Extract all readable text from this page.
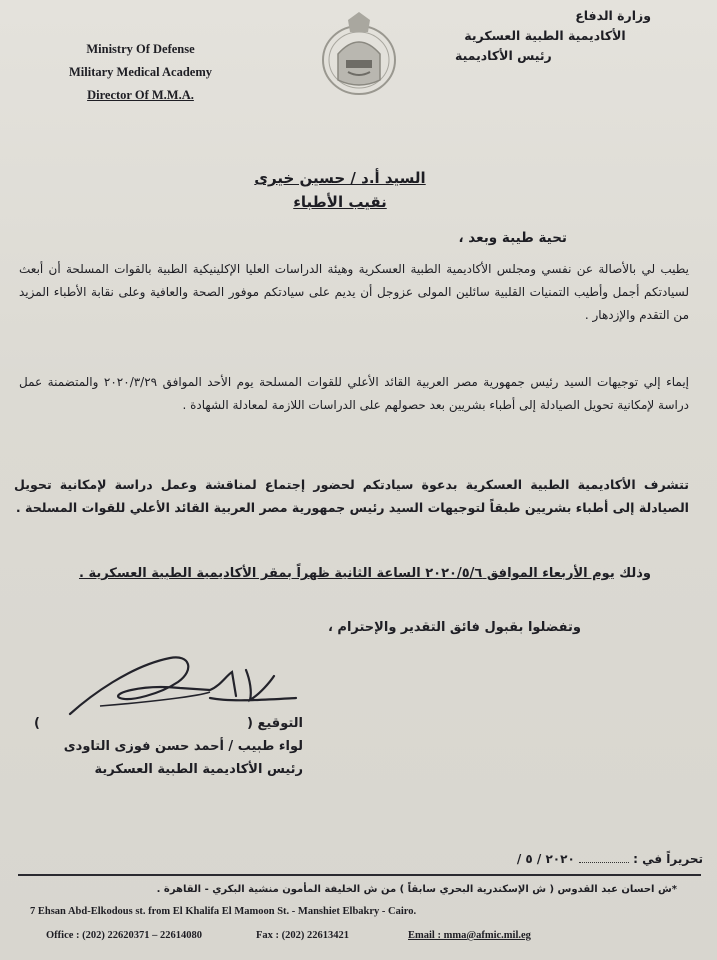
Ministry Of Defense
Military Medical Academy
Director Of M.M.A.
وزارة الدفاع
الأكاديمية الطبية العسكرية
رئيس الأكاديمية
السيد أ.د / حسين خيرى
نقيب الأطباء
تحية طيبة وبعد ،
يطيب لي بالأصالة عن نفسي ومجلس الأكاديمية الطبية العسكرية وهيئة الدراسات العليا الإكلينيكية الطبية بالقوات المسلحة أن أبعث لسيادتكم أجمل وأطيب التمنيات القلبية سائلين المولى عزوجل أن يديم على سيادتكم موفور الصحة والعافية وعلى نقابة الأطباء المزيد من التقدم والإزدهار .
إيماء إلي توجيهات السيد رئيس جمهورية مصر العربية القائد الأعلي للقوات المسلحة يوم الأحد الموافق ٢٠٢٠/٣/٢٩ والمتضمنة عمل دراسة لإمكانية تحويل الصيادلة إلى أطباء بشريين بعد حصولهم على الدراسات اللازمة لمعادلة الشهادة .
تتشرف الأكاديمية الطبية العسكرية بدعوة سيادتكم لحضور إجتماع لمناقشة وعمل دراسة لإمكانية تحويل الصيادلة إلى أطباء بشريين طبقاً لتوجيهات السيد رئيس جمهورية مصر العربية القائد الأعلي للقوات المسلحة .
وذلك يوم الأربعاء الموافق ٢٠٢٠/٥/٦ الساعة الثانية ظهراً بمقر الأكاديمية الطبية العسكرية .
وتفضلوا بقبول فائق التقدير والإحترام ،
التوقيع (
)
لواء طبيب / أحمد حسن فوزى التاودى
رئيس الأكاديمية الطبية العسكرية
تحريراً في :  ٢٠٢٠ / ٥ /
*ش احسان عبد القدوس ( ش الإسكندرية البحري سابقاً ) من ش الخليفة المأمون منشية البكري - القاهرة .
7 Ehsan Abd-Elkodous st. from El Khalifa El Mamoon St. - Manshiet Elbakry - Cairo.
Office : (202) 22620371 – 22614080	Fax : (202) 22613421	Email : mma@afmic.mil.eg
